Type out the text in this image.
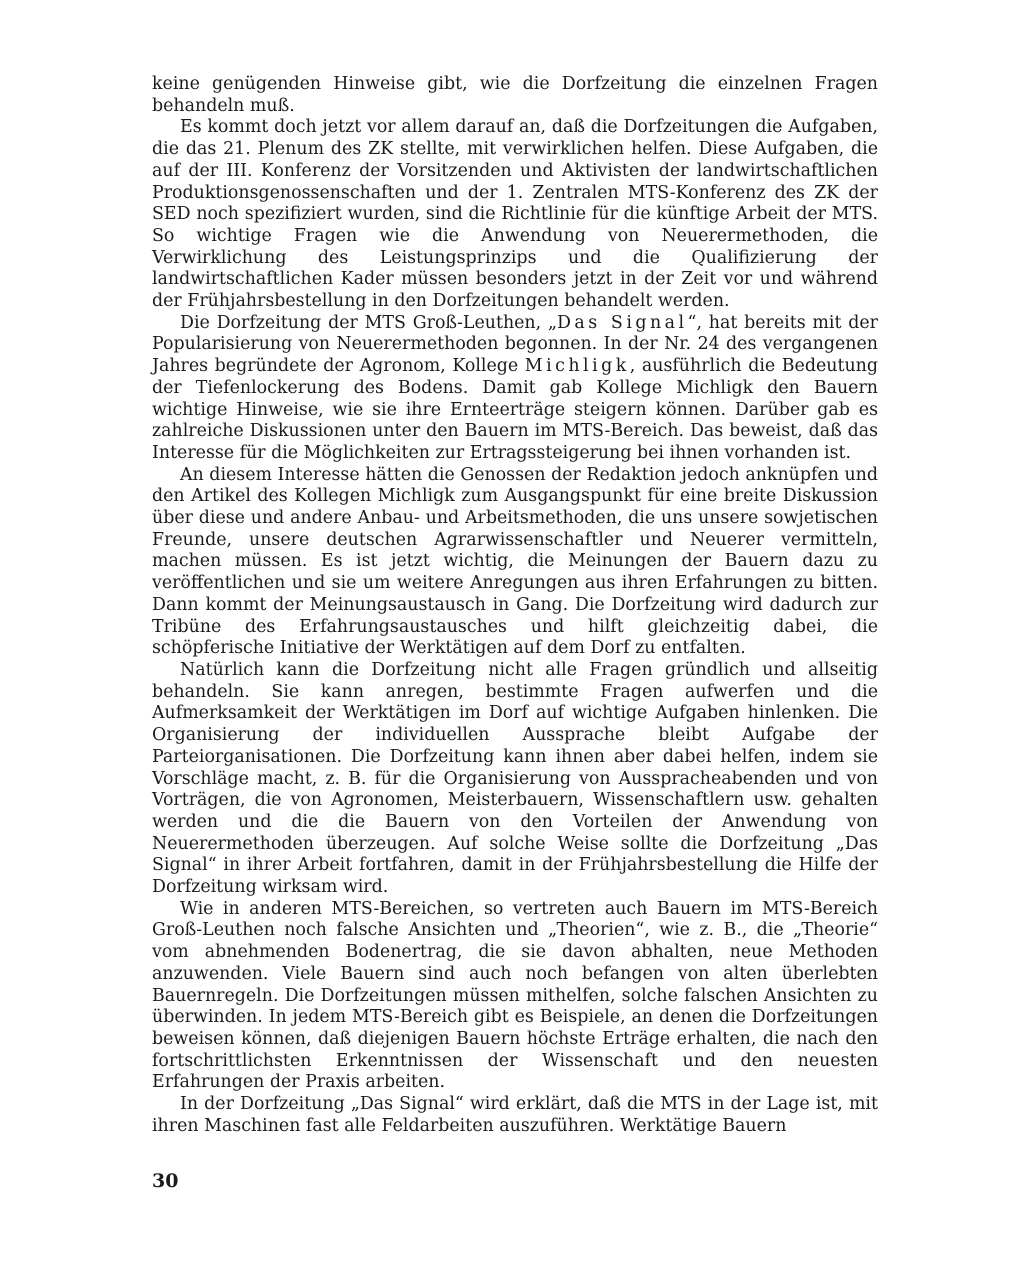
keine genügenden Hinweise gibt, wie die Dorfzeitung die einzelnen Fragen behandeln muß.

Es kommt doch jetzt vor allem darauf an, daß die Dorfzeitungen die Aufgaben, die das 21. Plenum des ZK stellte, mit verwirklichen helfen. Diese Aufgaben, die auf der III. Konferenz der Vorsitzenden und Aktivisten der landwirtschaftlichen Produktionsgenossenschaften und der 1. Zentralen MTS-Konferenz des ZK der SED noch spezifiziert wurden, sind die Richtlinie für die künftige Arbeit der MTS. So wichtige Fragen wie die Anwendung von Neuerermethoden, die Verwirklichung des Leistungsprinzips und die Qualifizierung der landwirtschaftlichen Kader müssen besonders jetzt in der Zeit vor und während der Frühjahrsbestellung in den Dorfzeitungen behandelt werden.

Die Dorfzeitung der MTS Groß-Leuthen, „Das Signal“, hat bereits mit der Popularisierung von Neuerermethoden begonnen. In der Nr. 24 des vergangenen Jahres begründete der Agronom, Kollege Michligk, ausführlich die Bedeutung der Tiefenlockerung des Bodens. Damit gab Kollege Michligk den Bauern wichtige Hinweise, wie sie ihre Ernteerträge steigern können. Darüber gab es zahlreiche Diskussionen unter den Bauern im MTS-Bereich. Das beweist, daß das Interesse für die Möglichkeiten zur Ertragssteigerung bei ihnen vorhanden ist.

An diesem Interesse hätten die Genossen der Redaktion jedoch anknüpfen und den Artikel des Kollegen Michligk zum Ausgangspunkt für eine breite Diskussion über diese und andere Anbau- und Arbeitsmethoden, die uns unsere sowjetischen Freunde, unsere deutschen Agrarwissenschaftler und Neuerer vermitteln, machen müssen. Es ist jetzt wichtig, die Meinungen der Bauern dazu zu veröffentlichen und sie um weitere Anregungen aus ihren Erfahrungen zu bitten. Dann kommt der Meinungsaustausch in Gang. Die Dorfzeitung wird dadurch zur Tribüne des Erfahrungsaustausches und hilft gleichzeitig dabei, die schöpferische Initiative der Werktätigen auf dem Dorf zu entfalten.

Natürlich kann die Dorfzeitung nicht alle Fragen gründlich und allseitig behandeln. Sie kann anregen, bestimmte Fragen aufwerfen und die Aufmerksamkeit der Werktätigen im Dorf auf wichtige Aufgaben hinlenken. Die Organisierung der individuellen Aussprache bleibt Aufgabe der Parteiorganisationen. Die Dorfzeitung kann ihnen aber dabei helfen, indem sie Vorschläge macht, z. B. für die Organisierung von Ausspracheabenden und von Vorträgen, die von Agronomen, Meisterbauern, Wissenschaftlern usw. gehalten werden und die die Bauern von den Vorteilen der Anwendung von Neuerermethoden überzeugen. Auf solche Weise sollte die Dorfzeitung „Das Signal“ in ihrer Arbeit fortfahren, damit in der Frühjahrsbestellung die Hilfe der Dorfzeitung wirksam wird.

Wie in anderen MTS-Bereichen, so vertreten auch Bauern im MTS-Bereich Groß-Leuthen noch falsche Ansichten und „Theorien“, wie z. B., die „Theorie“ vom abnehmenden Bodenertrag, die sie davon abhalten, neue Methoden anzuwenden. Viele Bauern sind auch noch befangen von alten überlebten Bauernregeln. Die Dorfzeitungen müssen mithelfen, solche falschen Ansichten zu überwinden. In jedem MTS-Bereich gibt es Beispiele, an denen die Dorfzeitungen beweisen können, daß diejenigen Bauern höchste Erträge erhalten, die nach den fortschrittlichsten Erkenntnissen der Wissenschaft und den neuesten Erfahrungen der Praxis arbeiten.

In der Dorfzeitung „Das Signal“ wird erklärt, daß die MTS in der Lage ist, mit ihren Maschinen fast alle Feldarbeiten auszuführen. Werktätige Bauern

30
